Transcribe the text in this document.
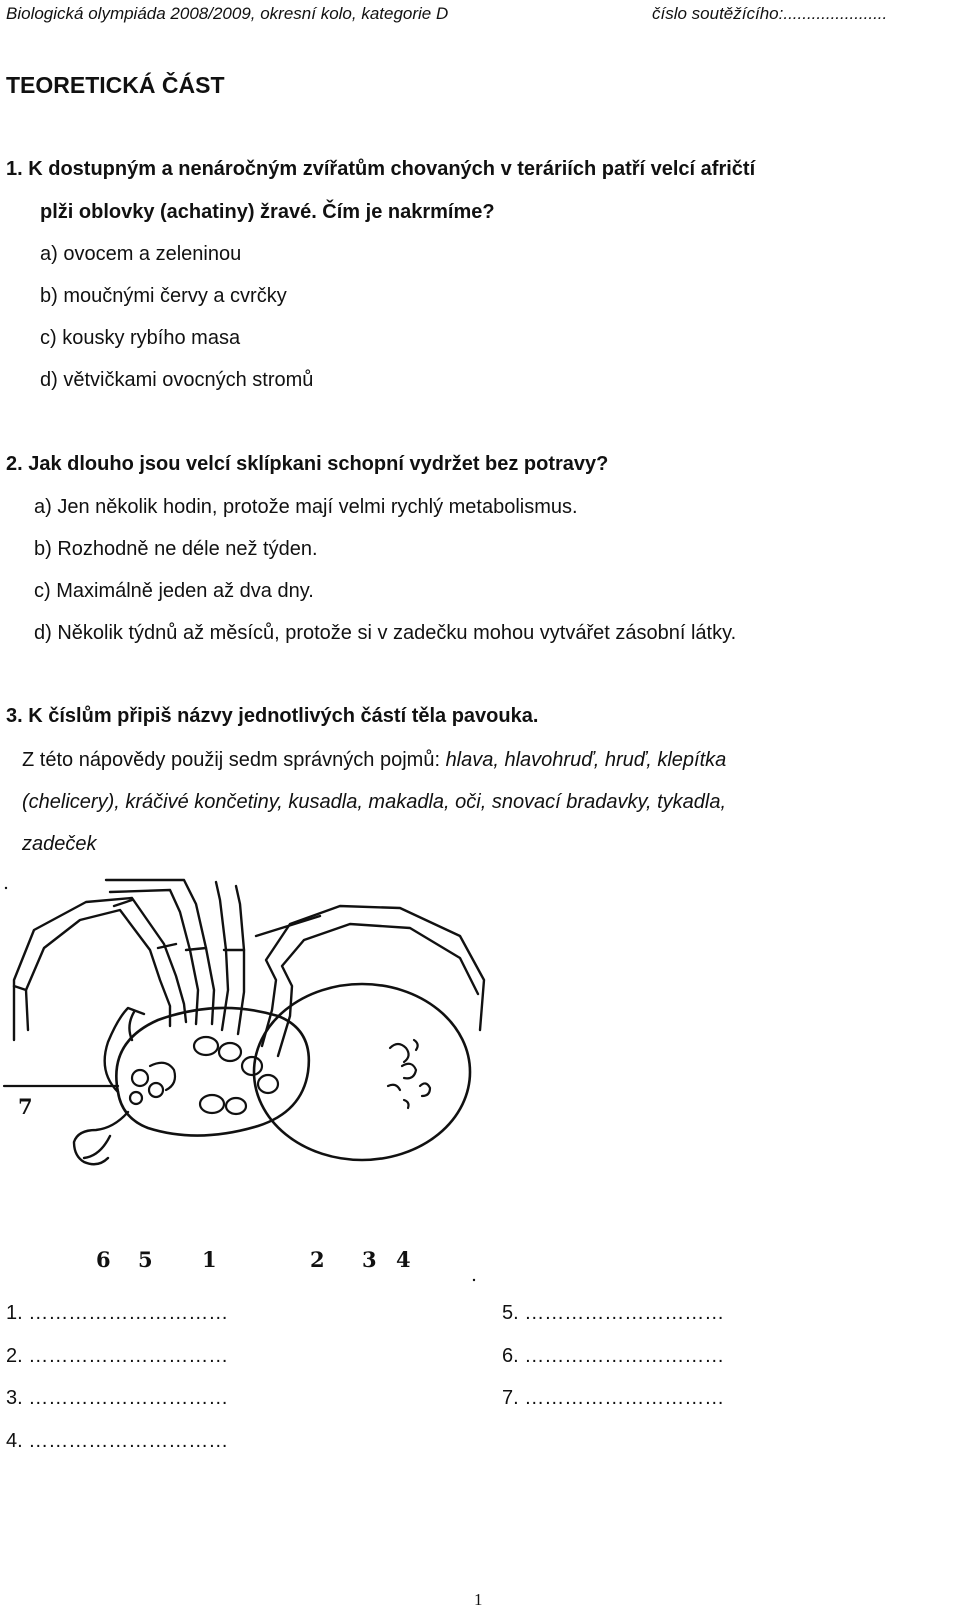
Biologická olympiáda 2008/2009, okresní kolo, kategorie D	číslo soutěžícího:......................
TEORETICKÁ ČÁST
1. K dostupným a nenáročným zvířatům chovaných v teráriích patří velcí afričtí
plži oblovky (achatiny) žravé. Čím je nakrmíme?
a) ovocem a zeleninou
b) moučnými červy a cvrčky
c) kousky rybího masa
d) větvičkami ovocných stromů
2. Jak dlouho jsou velcí sklípkani schopní vydržet bez potravy?
a) Jen několik hodin, protože mají velmi rychlý metabolismus.
b) Rozhodně ne déle než týden.
c) Maximálně jeden až dva dny.
d) Několik týdnů až měsíců, protože si v zadečku mohou vytvářet zásobní látky.
3. K číslům připiš názvy jednotlivých částí těla pavouka.
Z této nápovědy použij sedm správných pojmů: hlava, hlavohruď, hruď, klepítka
(chelicery), kráčivé končetiny, kusadla, makadla, oči, snovací bradavky, tykadla,
zadeček
7
6 5 1	2 3 4
1. …………………………
2. …………………………
3. …………………………
4. …………………………
5. …………………………
6. …………………………
7. …………………………
1
